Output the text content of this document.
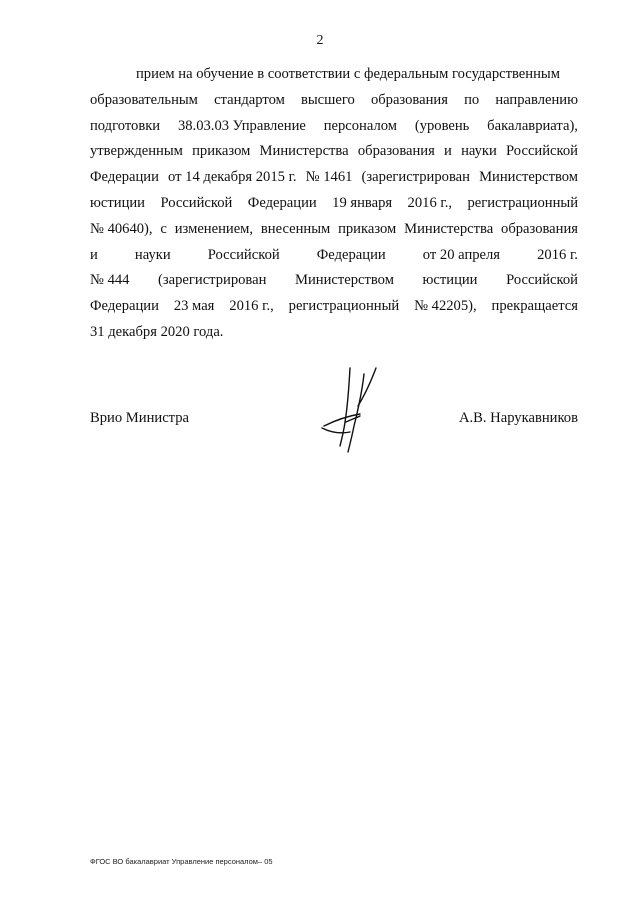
2
прием на обучение в соответствии с федеральным государственным
образовательным стандартом высшего образования по направлению
подготовки 38.03.03 Управление персоналом (уровень бакалавриата),
утвержденным приказом Министерства образования и науки Российской
Федерации от 14 декабря 2015 г. № 1461 (зарегистрирован Министерством
юстиции Российской Федерации 19 января 2016 г., регистрационный
№ 40640), с изменением, внесенным приказом Министерства образования
и	науки	Российской	Федерации	от 20 апреля	2016 г.
№ 444 (зарегистрирован Министерством юстиции Российской
Федерации 23 мая 2016 г., регистрационный № 42205), прекращается
31 декабря 2020 года.
Врио Министра	А.В. Нарукавников
ФГОС ВО бакалавриат Управление персоналом– 05
